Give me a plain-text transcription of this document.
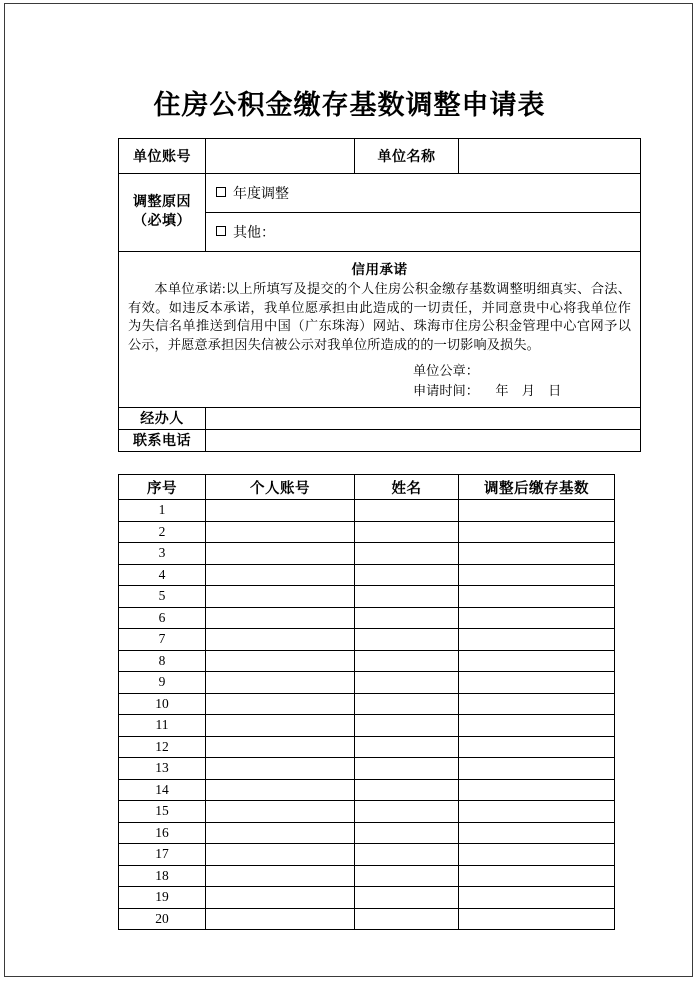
住房公积金缴存基数调整申请表
单位账号		单位名称	

调整原因
（必填）	年度调整		
	其他：		

信用承诺
本单位承诺:以上所填写及提交的个人住房公积金缴存基数调整明细真实、合法、有效。如违反本承诺，我单位愿承担由此造成的一切责任，并同意贵中心将我单位作为失信名单推送到信用中国（广东珠海）网站、珠海市住房公积金管理中心官网予以公示，并愿意承担因失信被公示对我单位所造成的的一切影响及损失。
单位公章：
申请时间： 年 月 日			

经办人			
联系电话			
序号	个人账号	姓名	调整后缴存基数
1			
2			
3			
4			
5			
6			
7			
8			
9			
10			
11			
12			
13			
14			
15			
16			
17			
18			
19			
20			
